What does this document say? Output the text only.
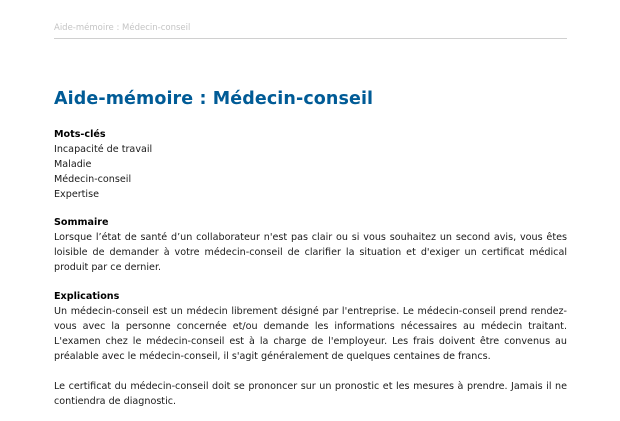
Aide-mémoire : Médecin-conseil
Aide-mémoire : Médecin-conseil
Mots-clés
Incapacité de travail
Maladie
Médecin-conseil
Expertise
Sommaire

Lorsque l’état de santé d’un collaborateur n'est pas clair ou si vous souhaitez un second avis, vous êtes loisible de demander à votre médecin-conseil de clarifier la situation et d'exiger un certificat médical produit par ce dernier.

Explications

Un médecin-conseil est un médecin librement désigné par l'entreprise. Le médecin-conseil prend rendez-vous avec la personne concernée et/ou demande les informations nécessaires au médecin traitant. L'examen chez le médecin-conseil est à la charge de l'employeur. Les frais doivent être convenus au préalable avec le médecin-conseil, il s'agit généralement de quelques centaines de francs.

Le certificat du médecin-conseil doit se prononcer sur un pronostic et les mesures à prendre. Jamais il ne contiendra de diagnostic.
